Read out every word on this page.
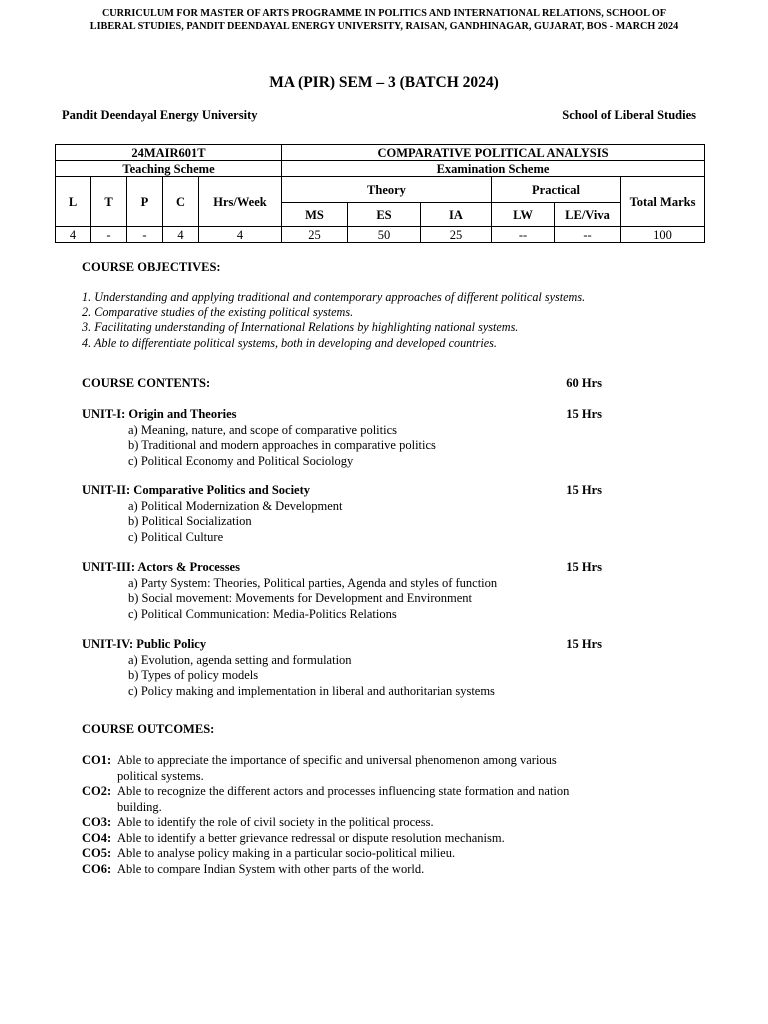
CURRICULUM FOR MASTER OF ARTS PROGRAMME IN POLITICS AND INTERNATIONAL RELATIONS, SCHOOL OF
LIBERAL STUDIES, PANDIT DEENDAYAL ENERGY UNIVERSITY, RAISAN, GANDHINAGAR, GUJARAT, BOS - MARCH 2024
MA (PIR) SEM – 3 (BATCH 2024)
Pandit Deendayal Energy University	School of Liberal Studies
24MAIR601T					COMPARATIVE POLITICAL ANALYSIS					
Teaching Scheme					Examination Scheme					
L	T	P	C	Hrs/Week	Theory			Practical		Total Marks
					MS	ES	IA	LW	LE/Viva	
4	-	-	4	4	25	50	25	--	--	100
COURSE OBJECTIVES:
1. Understanding and applying traditional and contemporary approaches of different political systems.
2. Comparative studies of the existing political systems.
3. Facilitating understanding of International Relations by highlighting national systems.
4. Able to differentiate political systems, both in developing and developed countries.
COURSE CONTENTS:	60 Hrs
UNIT-I: Origin and Theories	15 Hrs
a) Meaning, nature, and scope of comparative politics
b) Traditional and modern approaches in comparative politics
c) Political Economy and Political Sociology
UNIT-II: Comparative Politics and Society	15 Hrs
a) Political Modernization & Development
b) Political Socialization
c) Political Culture
UNIT-III: Actors & Processes	15 Hrs
a) Party System: Theories, Political parties, Agenda and styles of function
b) Social movement: Movements for Development and Environment
c) Political Communication: Media-Politics Relations
UNIT-IV: Public Policy	15 Hrs
a) Evolution, agenda setting and formulation
b) Types of policy models
c) Policy making and implementation in liberal and authoritarian systems
COURSE OUTCOMES:
CO1: Able to appreciate the importance of specific and universal phenomenon among various
political systems.
CO2: Able to recognize the different actors and processes influencing state formation and nation
building.
CO3: Able to identify the role of civil society in the political process.
CO4: Able to identify a better grievance redressal or dispute resolution mechanism.
CO5: Able to analyse policy making in a particular socio-political milieu.
CO6: Able to compare Indian System with other parts of the world.
